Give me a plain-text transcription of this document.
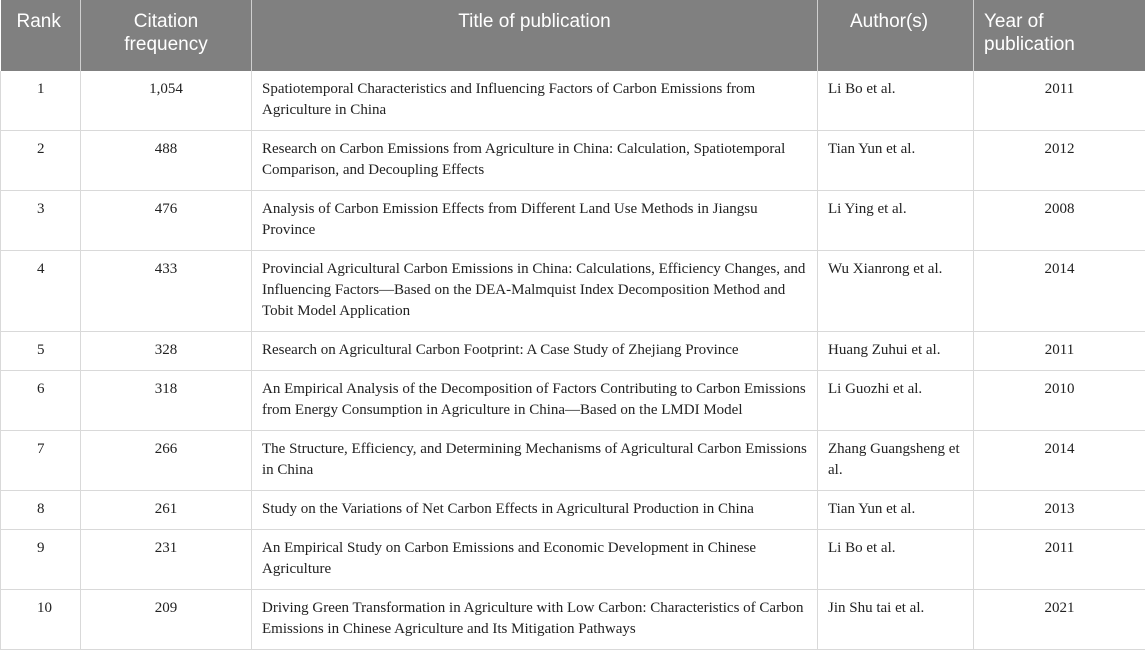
Rank	Citation frequency	Title of publication	Author(s)	Year of publication
1	1,054	Spatiotemporal Characteristics and Influencing Factors of Carbon Emissions from Agriculture in China	Li Bo et al.	2011
2	488	Research on Carbon Emissions from Agriculture in China: Calculation, Spatiotemporal Comparison, and Decoupling Effects	Tian Yun et al.	2012
3	476	Analysis of Carbon Emission Effects from Different Land Use Methods in Jiangsu Province	Li Ying et al.	2008
4	433	Provincial Agricultural Carbon Emissions in China: Calculations, Efficiency Changes, and Influencing Factors—Based on the DEA-Malmquist Index Decomposition Method and Tobit Model Application	Wu Xianrong et al.	2014
5	328	Research on Agricultural Carbon Footprint: A Case Study of Zhejiang Province	Huang Zuhui et al.	2011
6	318	An Empirical Analysis of the Decomposition of Factors Contributing to Carbon Emissions from Energy Consumption in Agriculture in China—Based on the LMDI Model	Li Guozhi et al.	2010
7	266	The Structure, Efficiency, and Determining Mechanisms of Agricultural Carbon Emissions in China	Zhang Guangsheng et al.	2014
8	261	Study on the Variations of Net Carbon Effects in Agricultural Production in China	Tian Yun et al.	2013
9	231	An Empirical Study on Carbon Emissions and Economic Development in Chinese Agriculture	Li Bo et al.	2011
10	209	Driving Green Transformation in Agriculture with Low Carbon: Characteristics of Carbon Emissions in Chinese Agriculture and Its Mitigation Pathways	Jin Shu tai et al.	2021
